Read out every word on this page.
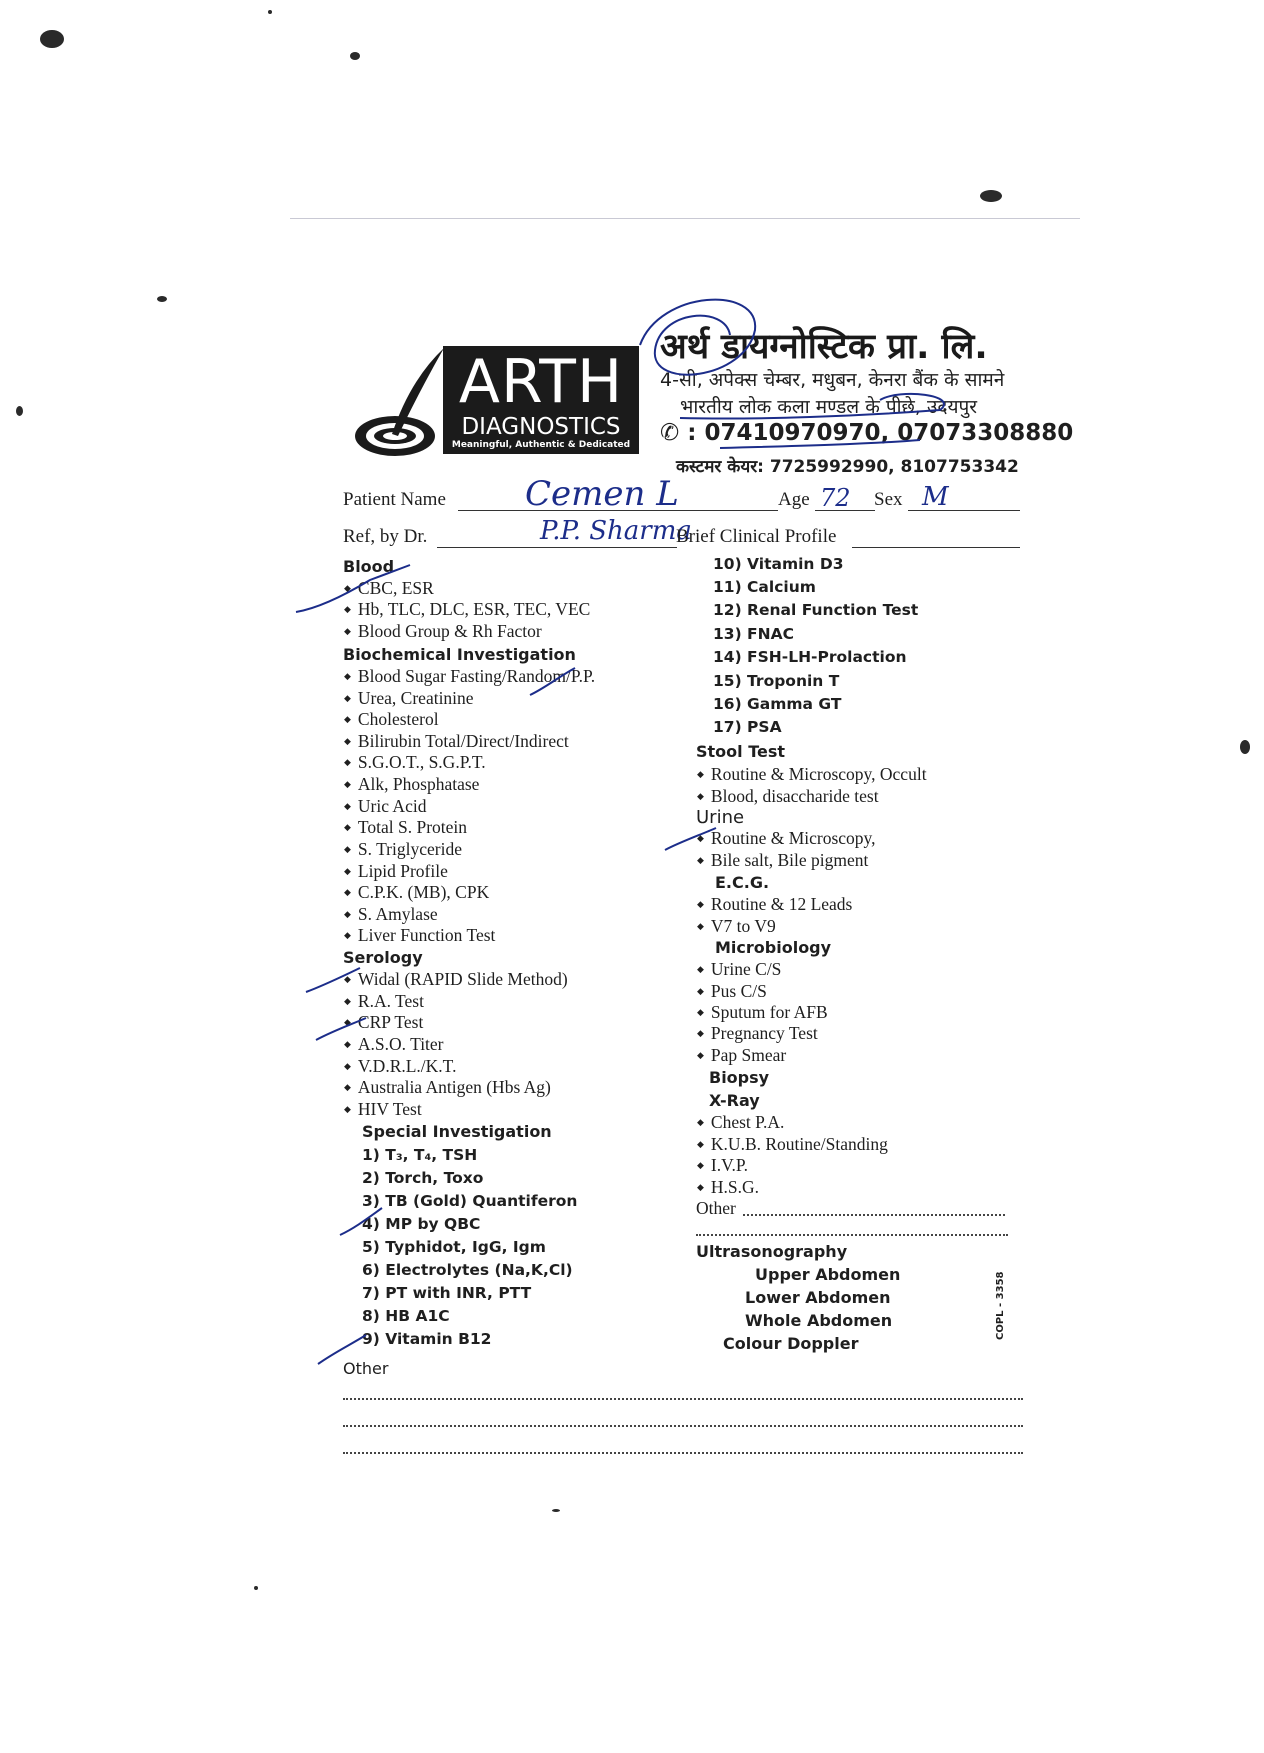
ARTH
DIAGNOSTICS
Meaningful, Authentic & Dedicated
अर्थ डायग्नोस्टिक प्रा. लि.
4-सी, अपेक्स चेम्बर, मधुबन, केनरा बैंक के सामने
भारतीय लोक कला मण्डल के पीछे, उदयपुर
✆ : 07410970970, 07073308880
कस्टमर केयर: 7725992990, 8107753342
Patient Name Cemen L	Age 72 Sex M
Ref, by Dr.	P.P. Sharma
Brief Clinical Profile
Blood
◆ CBC, ESR
◆ Hb, TLC, DLC, ESR, TEC, VEC
◆ Blood Group & Rh Factor
Biochemical Investigation
◆ Blood Sugar Fasting/Random/P.P.
◆ Urea, Creatinine
◆ Cholesterol
◆ Bilirubin Total/Direct/Indirect
◆ S.G.O.T., S.G.P.T.
◆ Alk, Phosphatase
◆ Uric Acid
◆ Total S. Protein
◆ S. Triglyceride
◆ Lipid Profile
◆ C.P.K. (MB), CPK
◆ S. Amylase
◆ Liver Function Test
Serology
◆ Widal (RAPID Slide Method)
◆ R.A. Test
◆ CRP Test
◆ A.S.O. Titer
◆ V.D.R.L./K.T.
◆ Australia Antigen (Hbs Ag)
◆ HIV Test
Special Investigation
1) T₃, T₄, TSH
2) Torch, Toxo
3) TB (Gold) Quantiferon
4) MP by QBC
5) Typhidot, IgG, Igm
6) Electrolytes (Na,K,Cl)
7) PT with INR, PTT
8) HB A1C
9) Vitamin B12
Other
10) Vitamin D3
11) Calcium
12) Renal Function Test
13) FNAC
14) FSH-LH-Prolaction
15) Troponin T
16) Gamma GT
17) PSA
Stool Test
◆ Routine & Microscopy, Occult
◆ Blood, disaccharide test
Urine
◆ Routine & Microscopy,
◆ Bile salt, Bile pigment
E.C.G.
◆ Routine & 12 Leads
◆ V7 to V9
Microbiology
◆ Urine C/S
◆ Pus C/S
◆ Sputum for AFB
◆ Pregnancy Test
◆ Pap Smear
Biopsy
X-Ray
◆ Chest P.A.
◆ K.U.B. Routine/Standing
◆ I.V.P.
◆ H.S.G.
Other
Ultrasonography
Upper Abdomen
Lower Abdomen
Whole Abdomen
Colour Doppler
COPL - 3358
